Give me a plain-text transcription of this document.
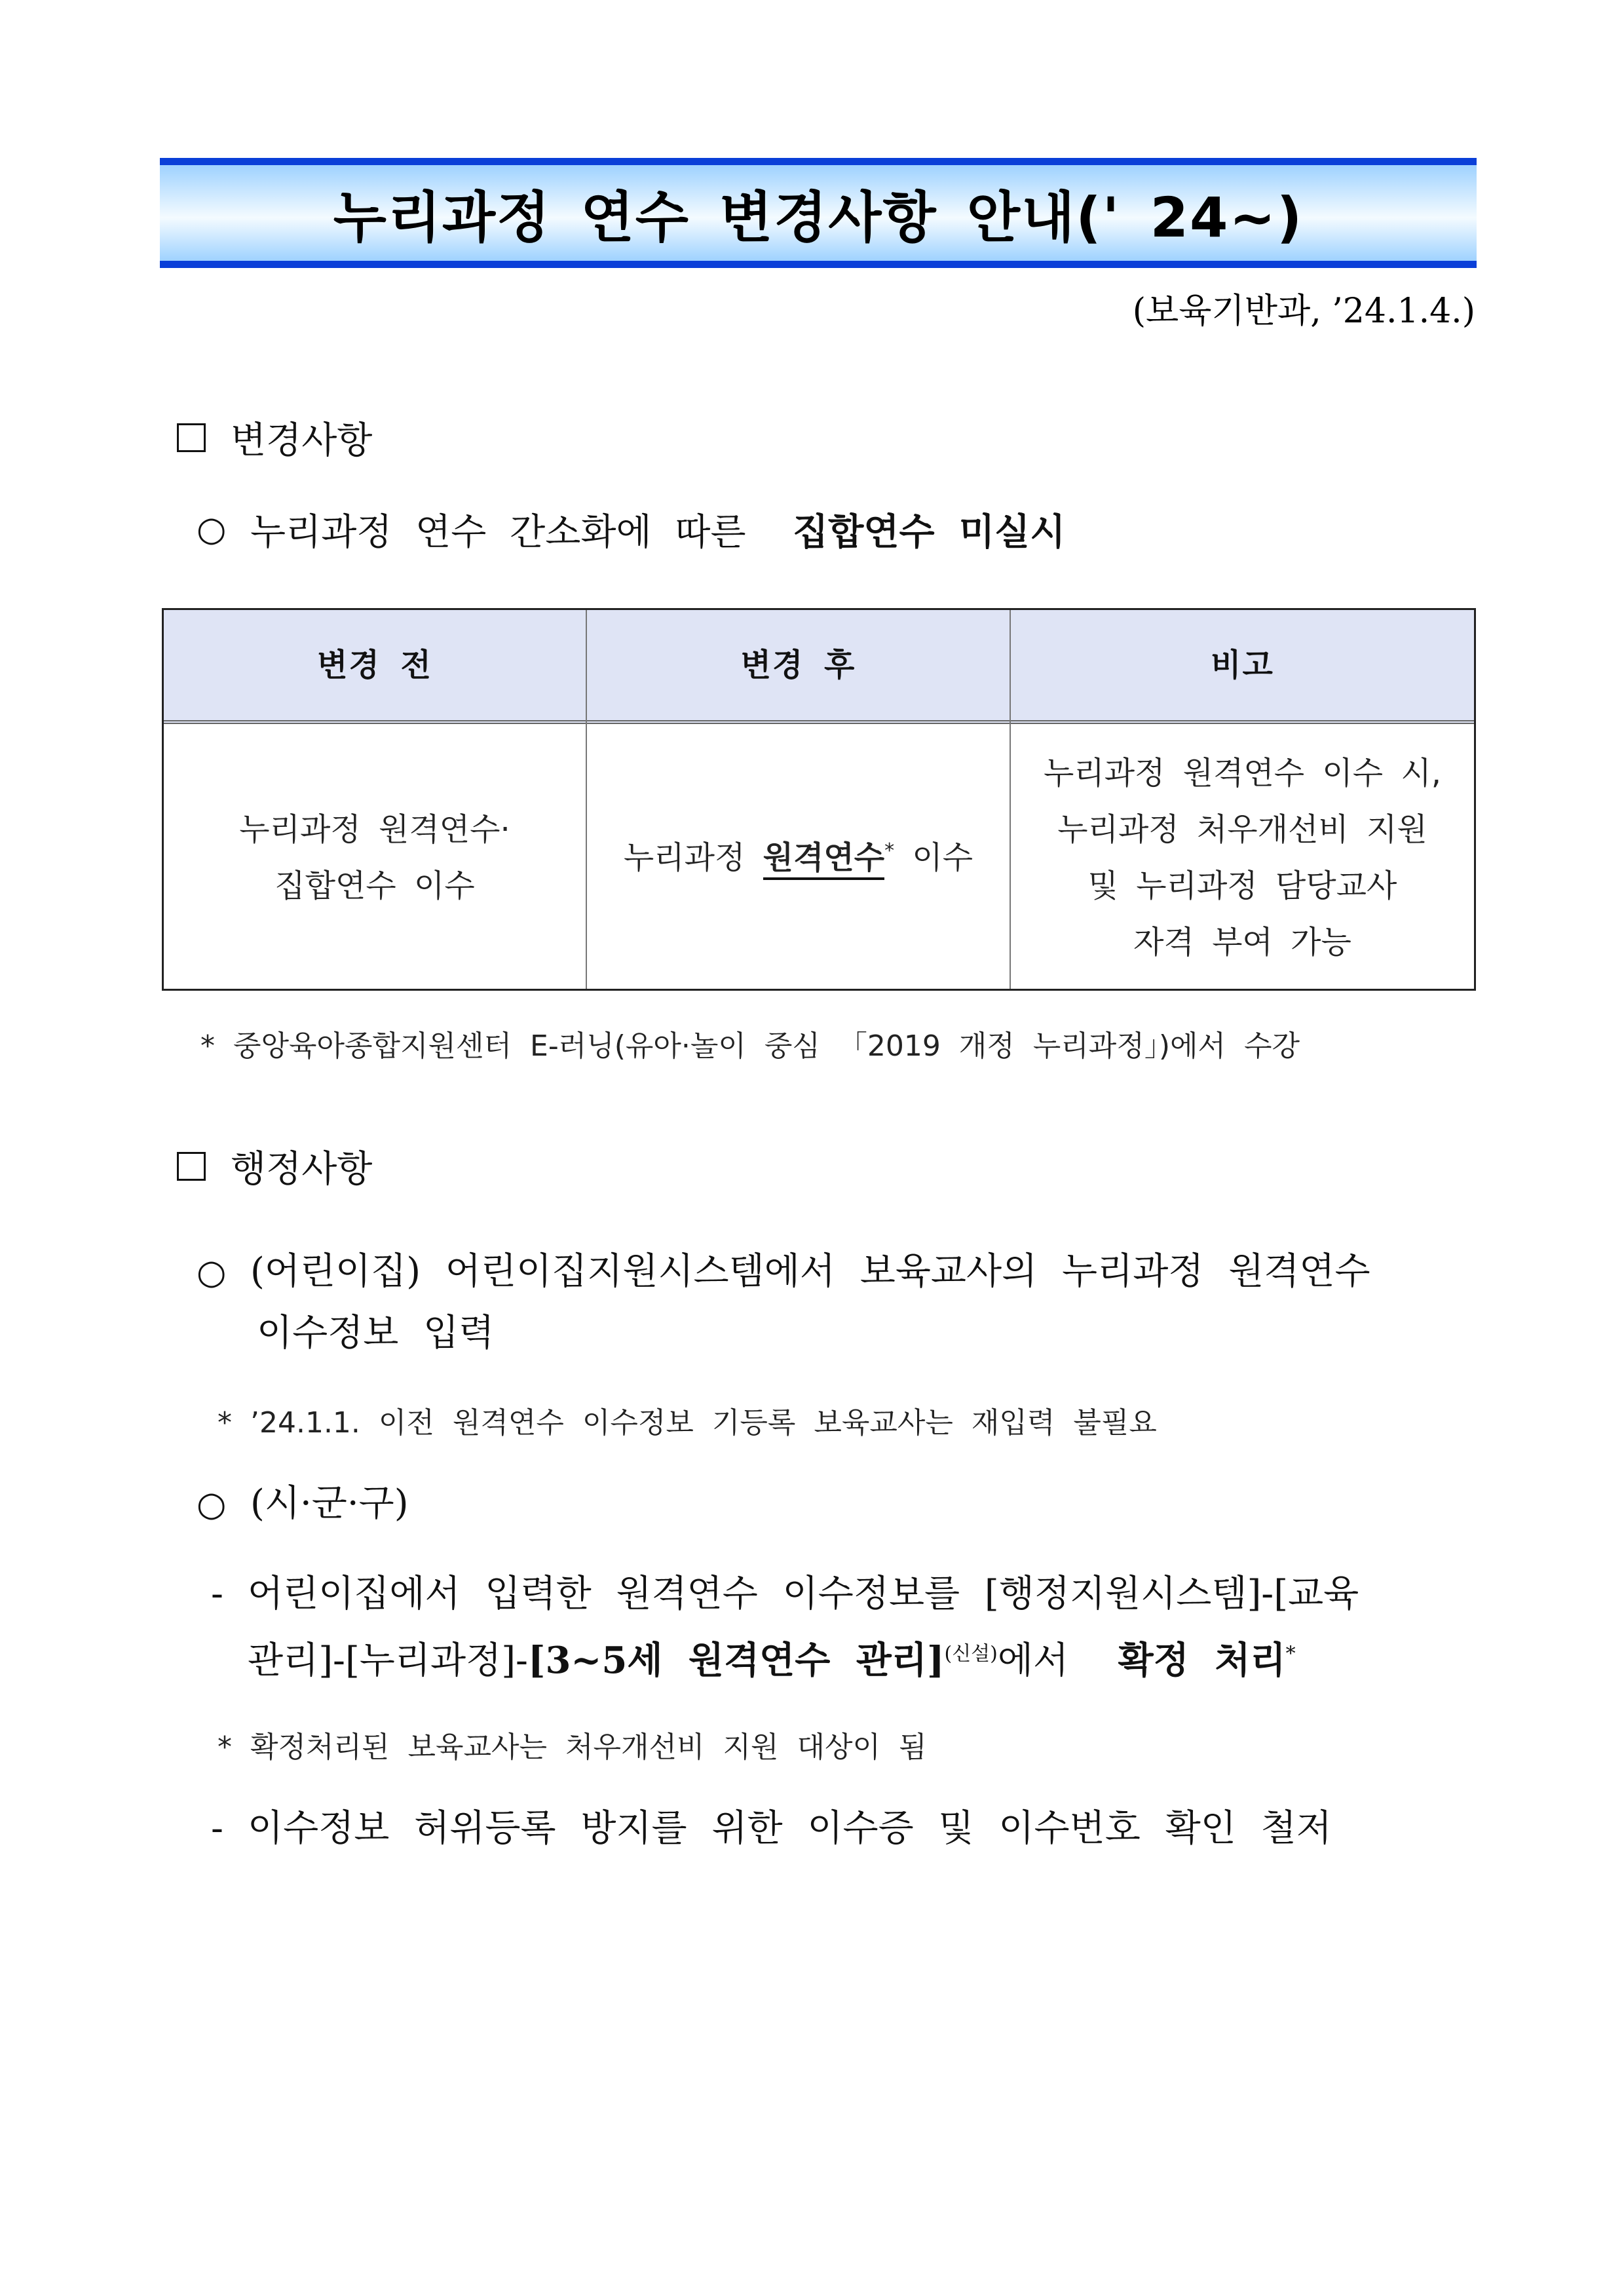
누리과정 연수 변경사항 안내(' 24~)
(보육기반과, ’24.1.4.)
변경사항
○ 누리과정 연수 간소화에 따른
집합연수 미실시
변경 전	변경 후	비고
누리과정 원격연수·
집합연수 이수
누리과정 원격연수* 이수
누리과정 원격연수 이수 시,
누리과정 처우개선비 지원
및 누리과정 담당교사
자격 부여 가능
* 중앙육아종합지원센터 E-러닝(유아·놀이 중심 「2019 개정 누리과정」)에서 수강
행정사항
○ (어린이집) 어린이집지원시스템에서 보육교사의 누리과정 원격연수
이수정보 입력
* ’24.1.1. 이전 원격연수 이수정보 기등록 보육교사는 재입력 불필요
○ (시·군·구)
- 어린이집에서 입력한 원격연수 이수정보를 [행정지원시스템]-[교육
관리]-[누리과정]-[3~5세 원격연수 관리]$^{(신설)}$에서 확정 처리*
* 확정처리된 보육교사는 처우개선비 지원 대상이 됨
- 이수정보 허위등록 방지를 위한 이수증 및 이수번호 확인 철저
